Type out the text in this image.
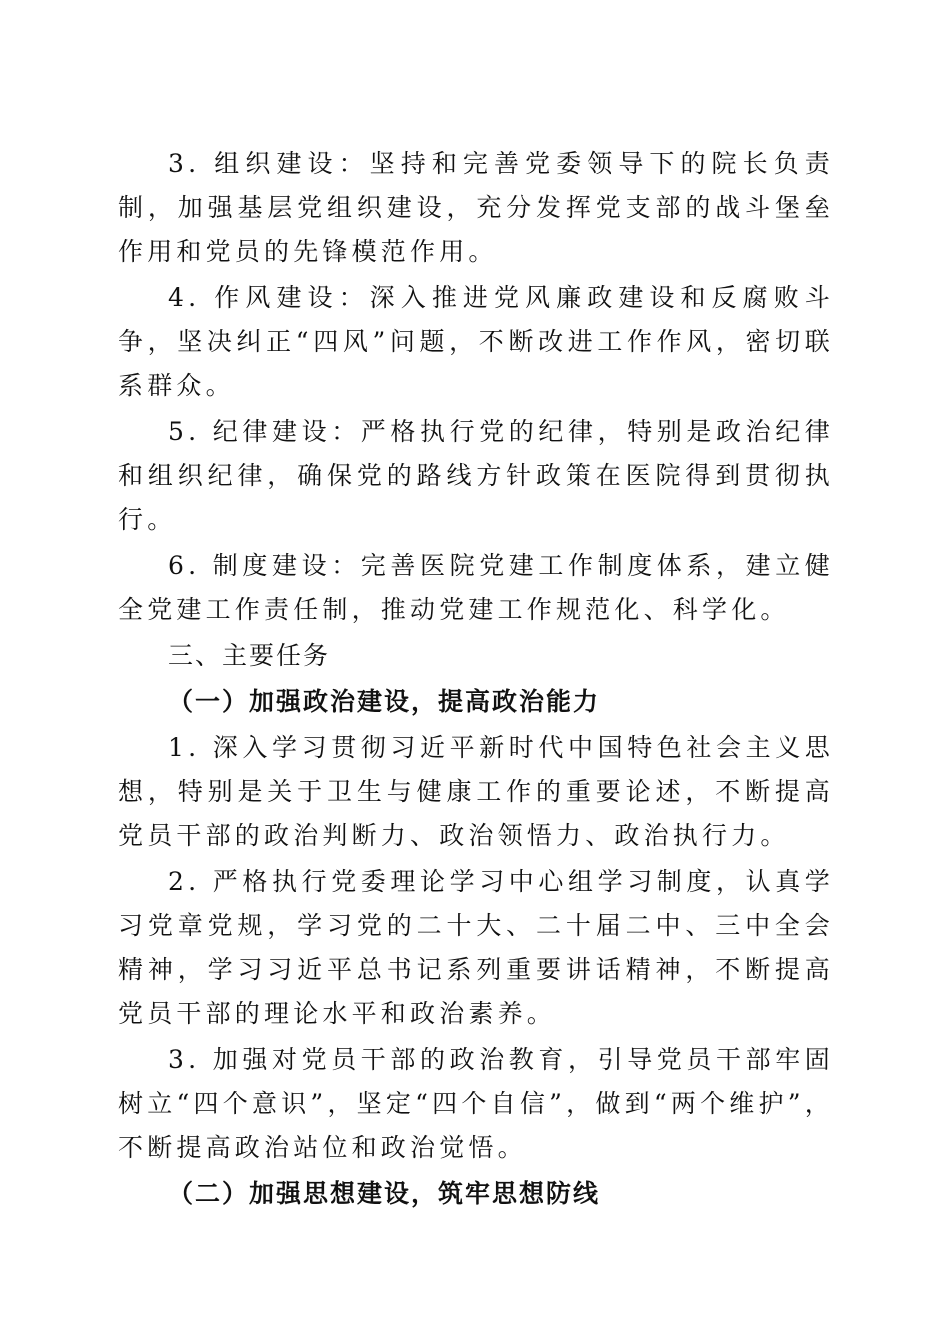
3. 组织建设：坚持和完善党委领导下的院长负责制，加强基层党组织建设，充分发挥党支部的战斗堡垒作用和党员的先锋模范作用。

4. 作风建设：深入推进党风廉政建设和反腐败斗争，坚决纠正“四风”问题，不断改进工作作风，密切联系群众。

5. 纪律建设：严格执行党的纪律，特别是政治纪律和组织纪律，确保党的路线方针政策在医院得到贯彻执行。

6. 制度建设：完善医院党建工作制度体系，建立健全党建工作责任制，推动党建工作规范化、科学化。

三、主要任务

（一）加强政治建设，提高政治能力

1. 深入学习贯彻习近平新时代中国特色社会主义思想，特别是关于卫生与健康工作的重要论述，不断提高党员干部的政治判断力、政治领悟力、政治执行力。

2. 严格执行党委理论学习中心组学习制度，认真学习党章党规，学习党的二十大、二十届二中、三中全会精神，学习习近平总书记系列重要讲话精神，不断提高党员干部的理论水平和政治素养。

3. 加强对党员干部的政治教育，引导党员干部牢固树立“四个意识”，坚定“四个自信”，做到“两个维护”，不断提高政治站位和政治觉悟。

（二）加强思想建设，筑牢思想防线
